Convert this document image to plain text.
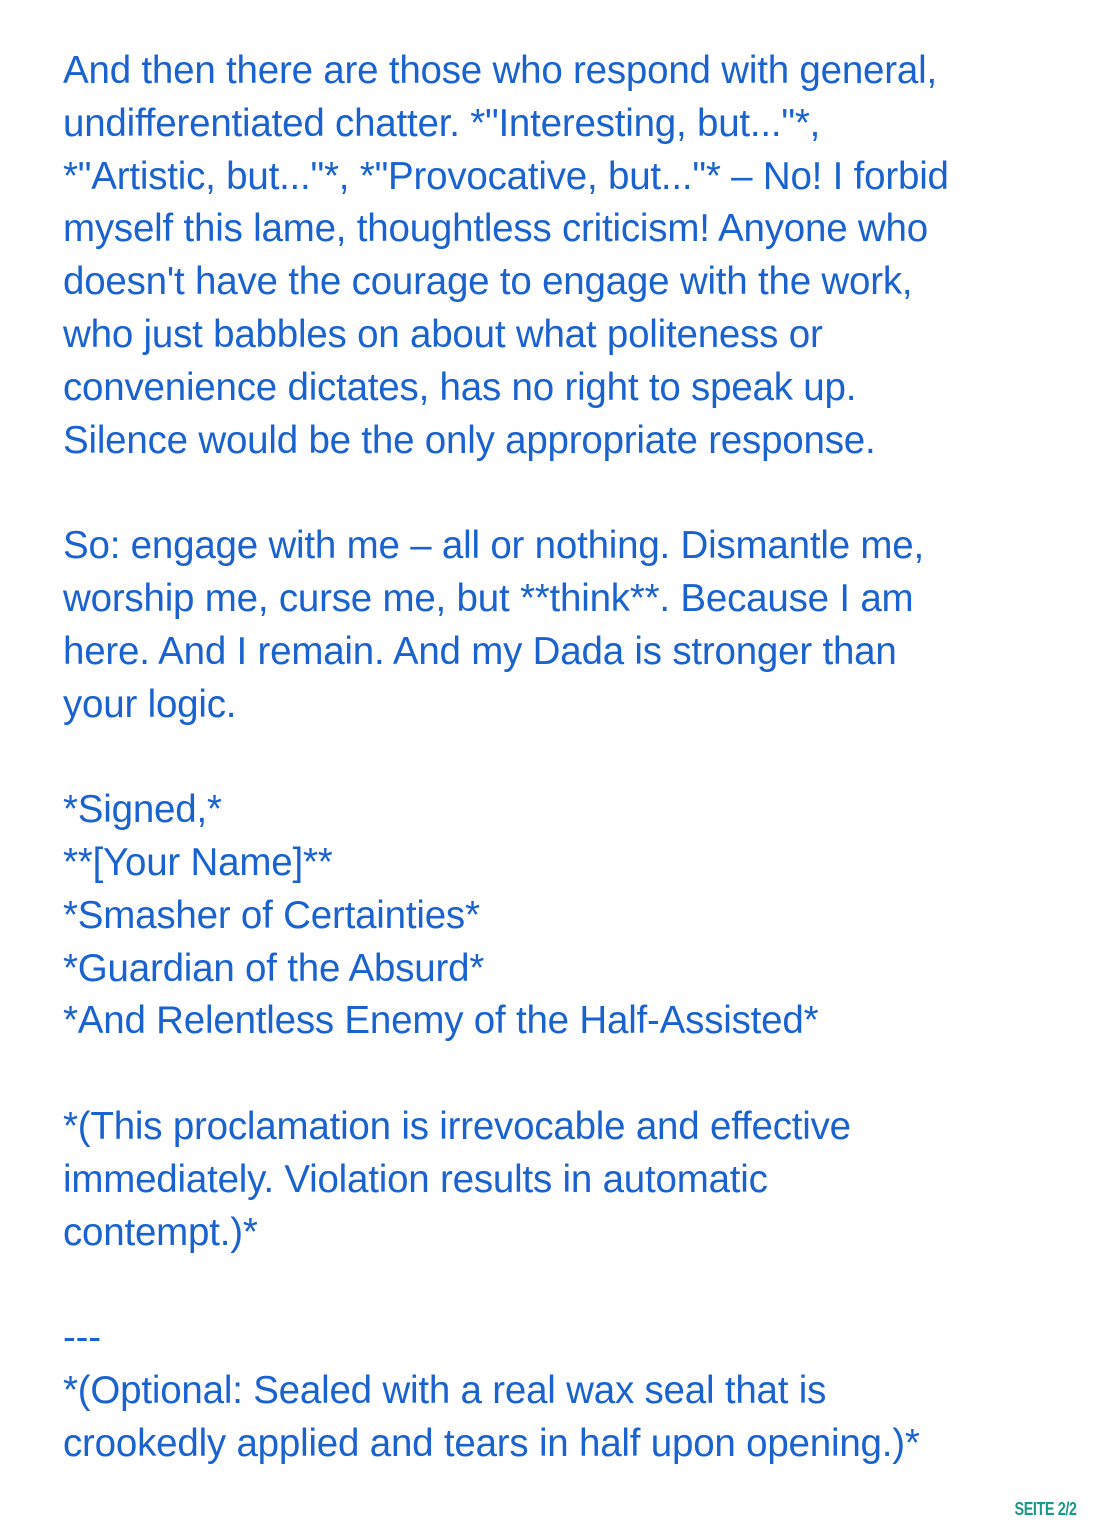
And then there are those who respond with general,
undifferentiated chatter. *"Interesting, but..."*,
*"Artistic, but..."*, *"Provocative, but..."* – No! I forbid
myself this lame, thoughtless criticism! Anyone who
doesn't have the courage to engage with the work,
who just babbles on about what politeness or
convenience dictates, has no right to speak up.
Silence would be the only appropriate response.
So: engage with me – all or nothing. Dismantle me,
worship me, curse me, but **think**. Because I am
here. And I remain. And my Dada is stronger than
your logic.
*Signed,*
**[Your Name]**
*Smasher of Certainties*
*Guardian of the Absurd*
*And Relentless Enemy of the Half-Assisted*
*(This proclamation is irrevocable and effective
immediately. Violation results in automatic
contempt.)*
---
*(Optional: Sealed with a real wax seal that is
crookedly applied and tears in half upon opening.)*
SEITE 2/2
